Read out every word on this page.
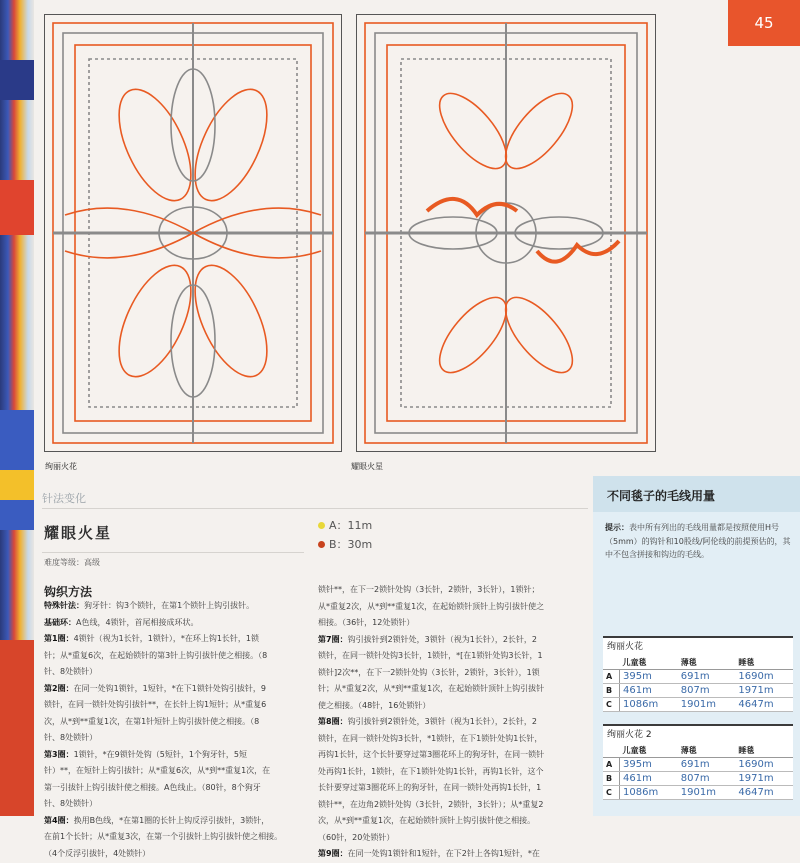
45
绚丽火花	耀眼火星
针法变化
耀眼火星
难度等级：高级
A：11m
B：30m
钩织方法
特殊针法：狗牙针：钩3个锁针，在第1个锁针上钩引拔针。
基础环：A色线，4锁针，首尾相接成环状。
第1圈：4锁针（视为1长针，1锁针），*在环上钩1长针，1锁
针；从*重复6次，在起始锁针的第3针上钩引拔针使之相接。（8
针、8处锁针）
第2圈：在同一处钩1锁针，1短针，*在下1锁针处钩引拔针，9
锁针，在同一锁针处钩引拔针**，在长针上钩1短针；从*重复6
次，从*到**重复1次，在第1针短针上钩引拔针使之相接。（8
针、8处锁针）
第3圈：1锁针，*在9锁针处钩（5短针，1个狗牙针，5短
针）**，在短针上钩引拔针；从*重复6次，从*到**重复1次，在
第一引拔针上钩引拔针使之相接。A色线止。（80针，8个狗牙
针、8处锁针）
第4圈：换用B色线，*在第1圈的长针上钩反浮引拔针，3锁针，
在前1个长针；从*重复3次，在第一个引拔针上钩引拔针使之相接。
（4个反浮引拔针，4处锁针）
锁针**，在下一2锁针处钩（3长针，2锁针，3长针），1锁针；
从*重复2次，从*到**重复1次，在起始锁针顶针上钩引拔针使之
相接。（36针，12处锁针）
第7圈：钩引拔针到2锁针处，3锁针（视为1长针），2长针，2
锁针，在同一锁针处钩3长针，1锁针，*[在1锁针处钩3长针，1
锁针]2次**，在下一2锁针处钩（3长针，2锁针，3长针），1锁
针；从*重复2次，从*到**重复1次，在起始锁针顶针上钩引拔针
使之相接。（48针，16处锁针）
第8圈：钩引拔针到2锁针处，3锁针（视为1长针），2长针，2
锁针，在同一锁针处钩3长针，*1锁针，在下1锁针处钩1长针，
再钩1长针，这个长针要穿过第3圈花环上的狗牙针，在同一锁针
处再钩1长针，1锁针，在下1锁针处钩1长针，再钩1长针，这个
长针要穿过第3圈花环上的狗牙针，在同一锁针处再钩1长针，1
锁针**，在边角2锁针处钩（3长针，2锁针，3长针）；从*重复2
次，从*到**重复1次，在起始锁针顶针上钩引拔针使之相接。
（60针，20处锁针）
第9圈：在同一处钩1锁针和1短针，在下2针上各钩1短针，*在
不同毯子的毛线用量
提示：表中所有列出的毛线用量都是按照使用H号（5mm）的钩针和10股线/阿伦线的前提预估的，其中不包含拼接和钩边的毛线。
绚丽火花
	儿童毯	薄毯	睡毯
A	395m	691m	1690m
B	461m	807m	1971m
C	1086m	1901m	4647m
绚丽火花 2
	儿童毯	薄毯	睡毯
A	395m	691m	1690m
B	461m	807m	1971m
C	1086m	1901m	4647m
